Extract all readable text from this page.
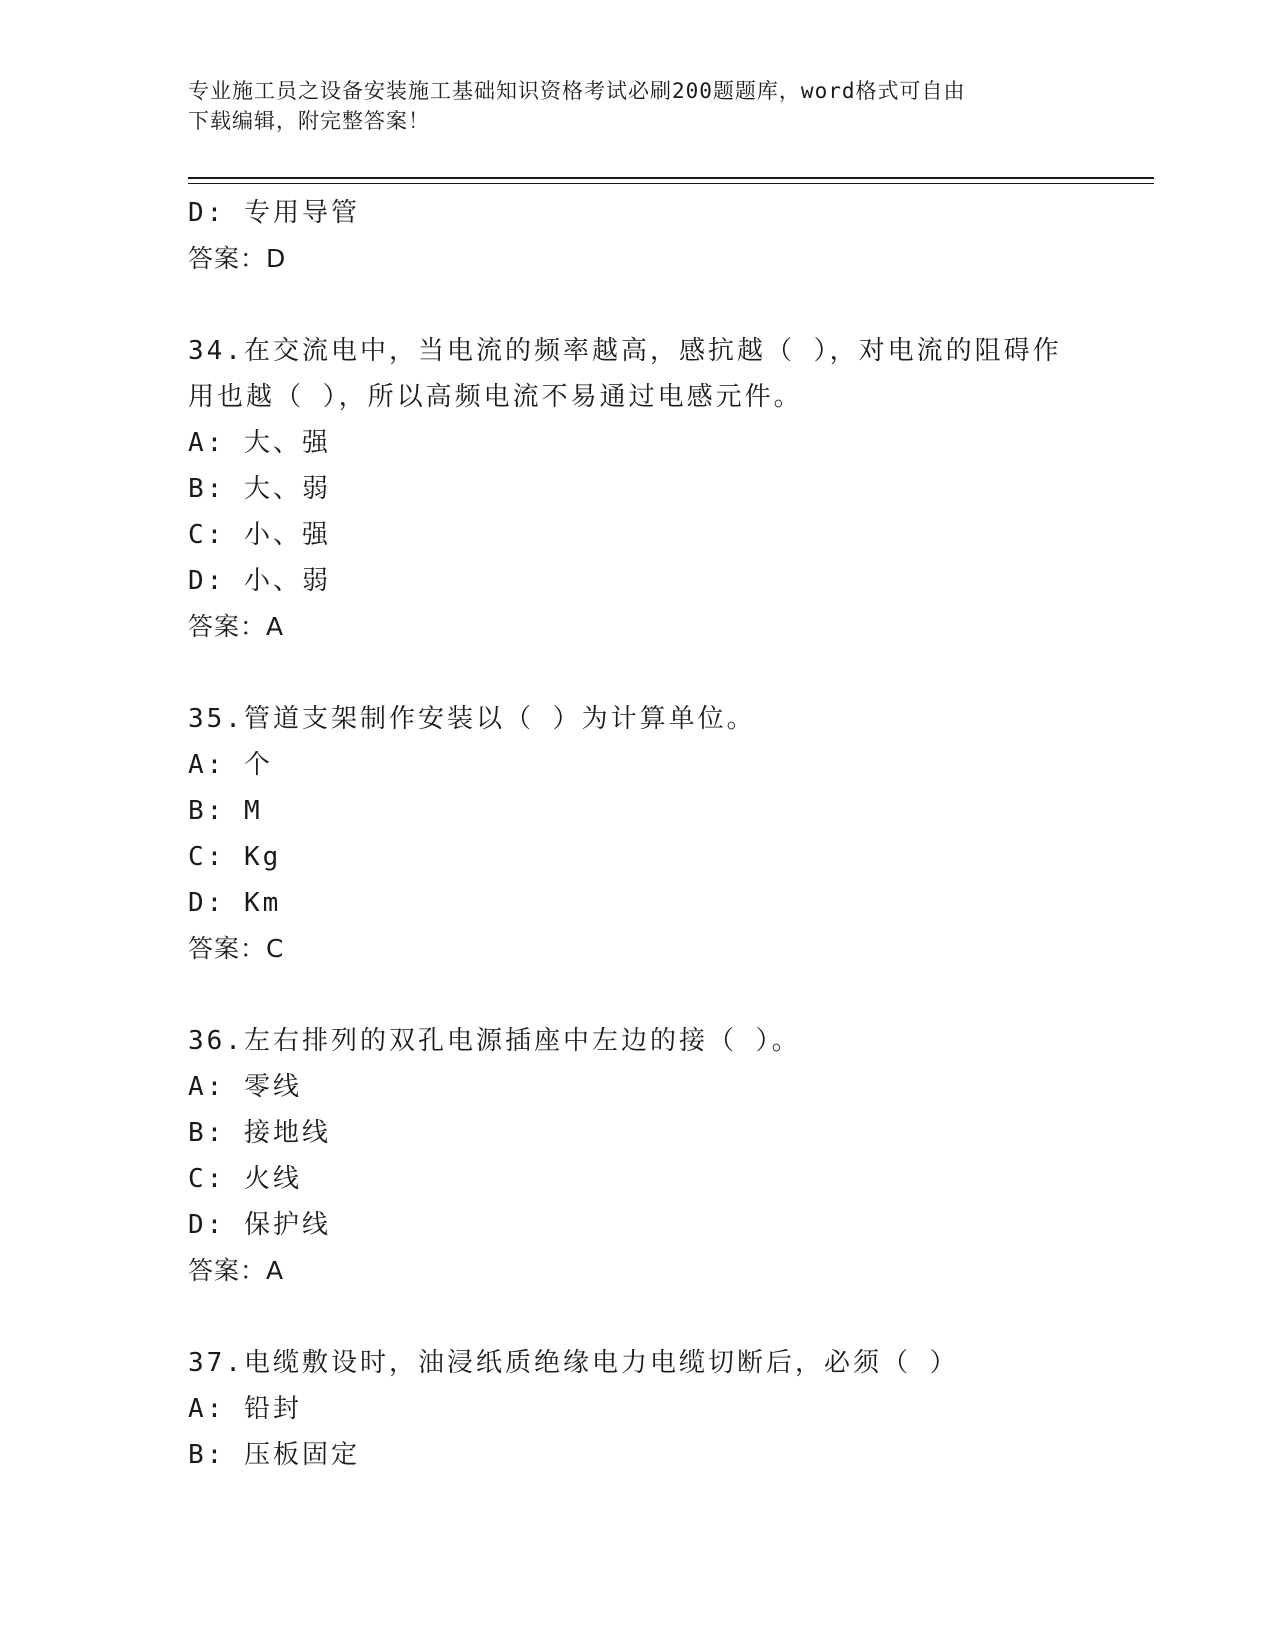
专业施工员之设备安装施工基础知识资格考试必刷200题题库，word格式可自由
下载编辑，附完整答案！
D: 专用导管
答案：D
34.在交流电中，当电流的频率越高，感抗越（ ），对电流的阻碍作
用也越（ ），所以高频电流不易通过电感元件。
A: 大、强
B: 大、弱
C: 小、强
D: 小、弱
答案：A
35.管道支架制作安装以（ ）为计算单位。
A: 个
B: M
C: Kg
D: Km
答案：C
36.左右排列的双孔电源插座中左边的接（ ）。
A: 零线
B: 接地线
C: 火线
D: 保护线
答案：A
37.电缆敷设时，油浸纸质绝缘电力电缆切断后，必须（ ）
A: 铅封
B: 压板固定
